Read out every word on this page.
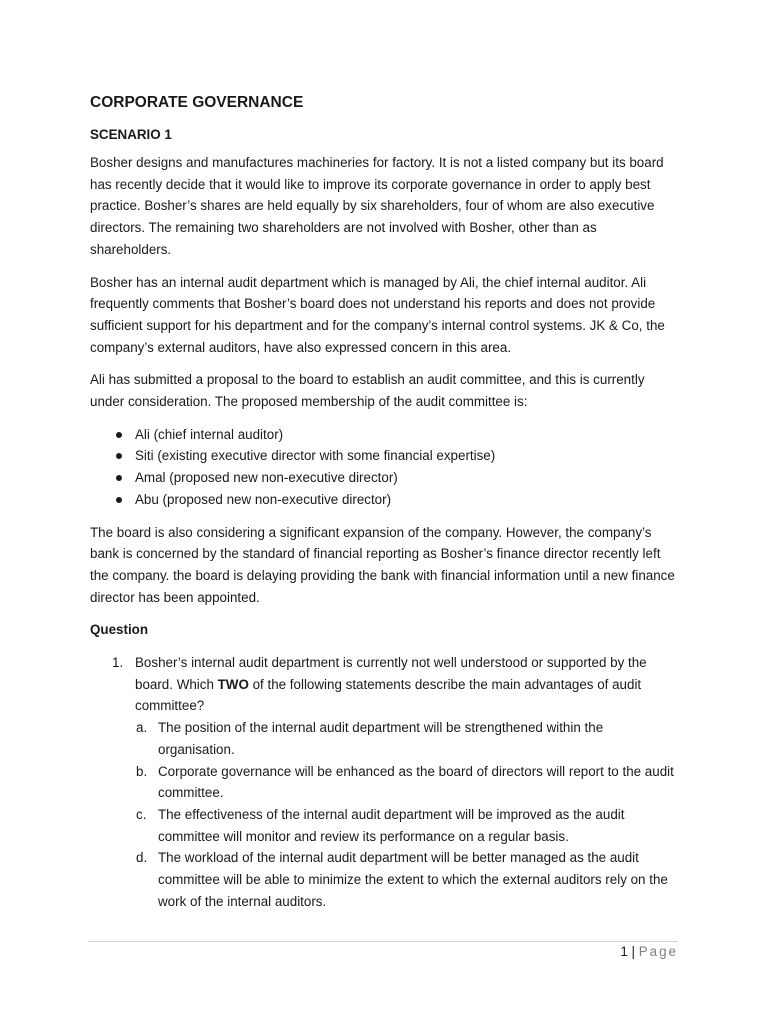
CORPORATE GOVERNANCE
SCENARIO 1

Bosher designs and manufactures machineries for factory. It is not a listed company but its board has recently decide that it would like to improve its corporate governance in order to apply best practice. Bosher’s shares are held equally by six shareholders, four of whom are also executive directors. The remaining two shareholders are not involved with Bosher, other than as shareholders.

Bosher has an internal audit department which is managed by Ali, the chief internal auditor. Ali frequently comments that Bosher’s board does not understand his reports and does not provide sufficient support for his department and for the company’s internal control systems. JK & Co, the company’s external auditors, have also expressed concern in this area.

Ali has submitted a proposal to the board to establish an audit committee, and this is currently under consideration. The proposed membership of the audit committee is:

Ali (chief internal auditor)
Siti (existing executive director with some financial expertise)
Amal (proposed new non-executive director)
Abu (proposed new non-executive director)

The board is also considering a significant expansion of the company. However, the company’s bank is concerned by the standard of financial reporting as Bosher’s finance director recently left the company. the board is delaying providing the bank with financial information until a new finance director has been appointed.

Question
1. Bosher’s internal audit department is currently not well understood or supported by the board. Which TWO of the following statements describe the main advantages of audit committee?
a. The position of the internal audit department will be strengthened within the organisation.
b. Corporate governance will be enhanced as the board of directors will report to the audit committee.
c. The effectiveness of the internal audit department will be improved as the audit committee will monitor and review its performance on a regular basis.
d. The workload of the internal audit department will be better managed as the audit committee will be able to minimize the extent to which the external auditors rely on the work of the internal auditors.
1 | Page
